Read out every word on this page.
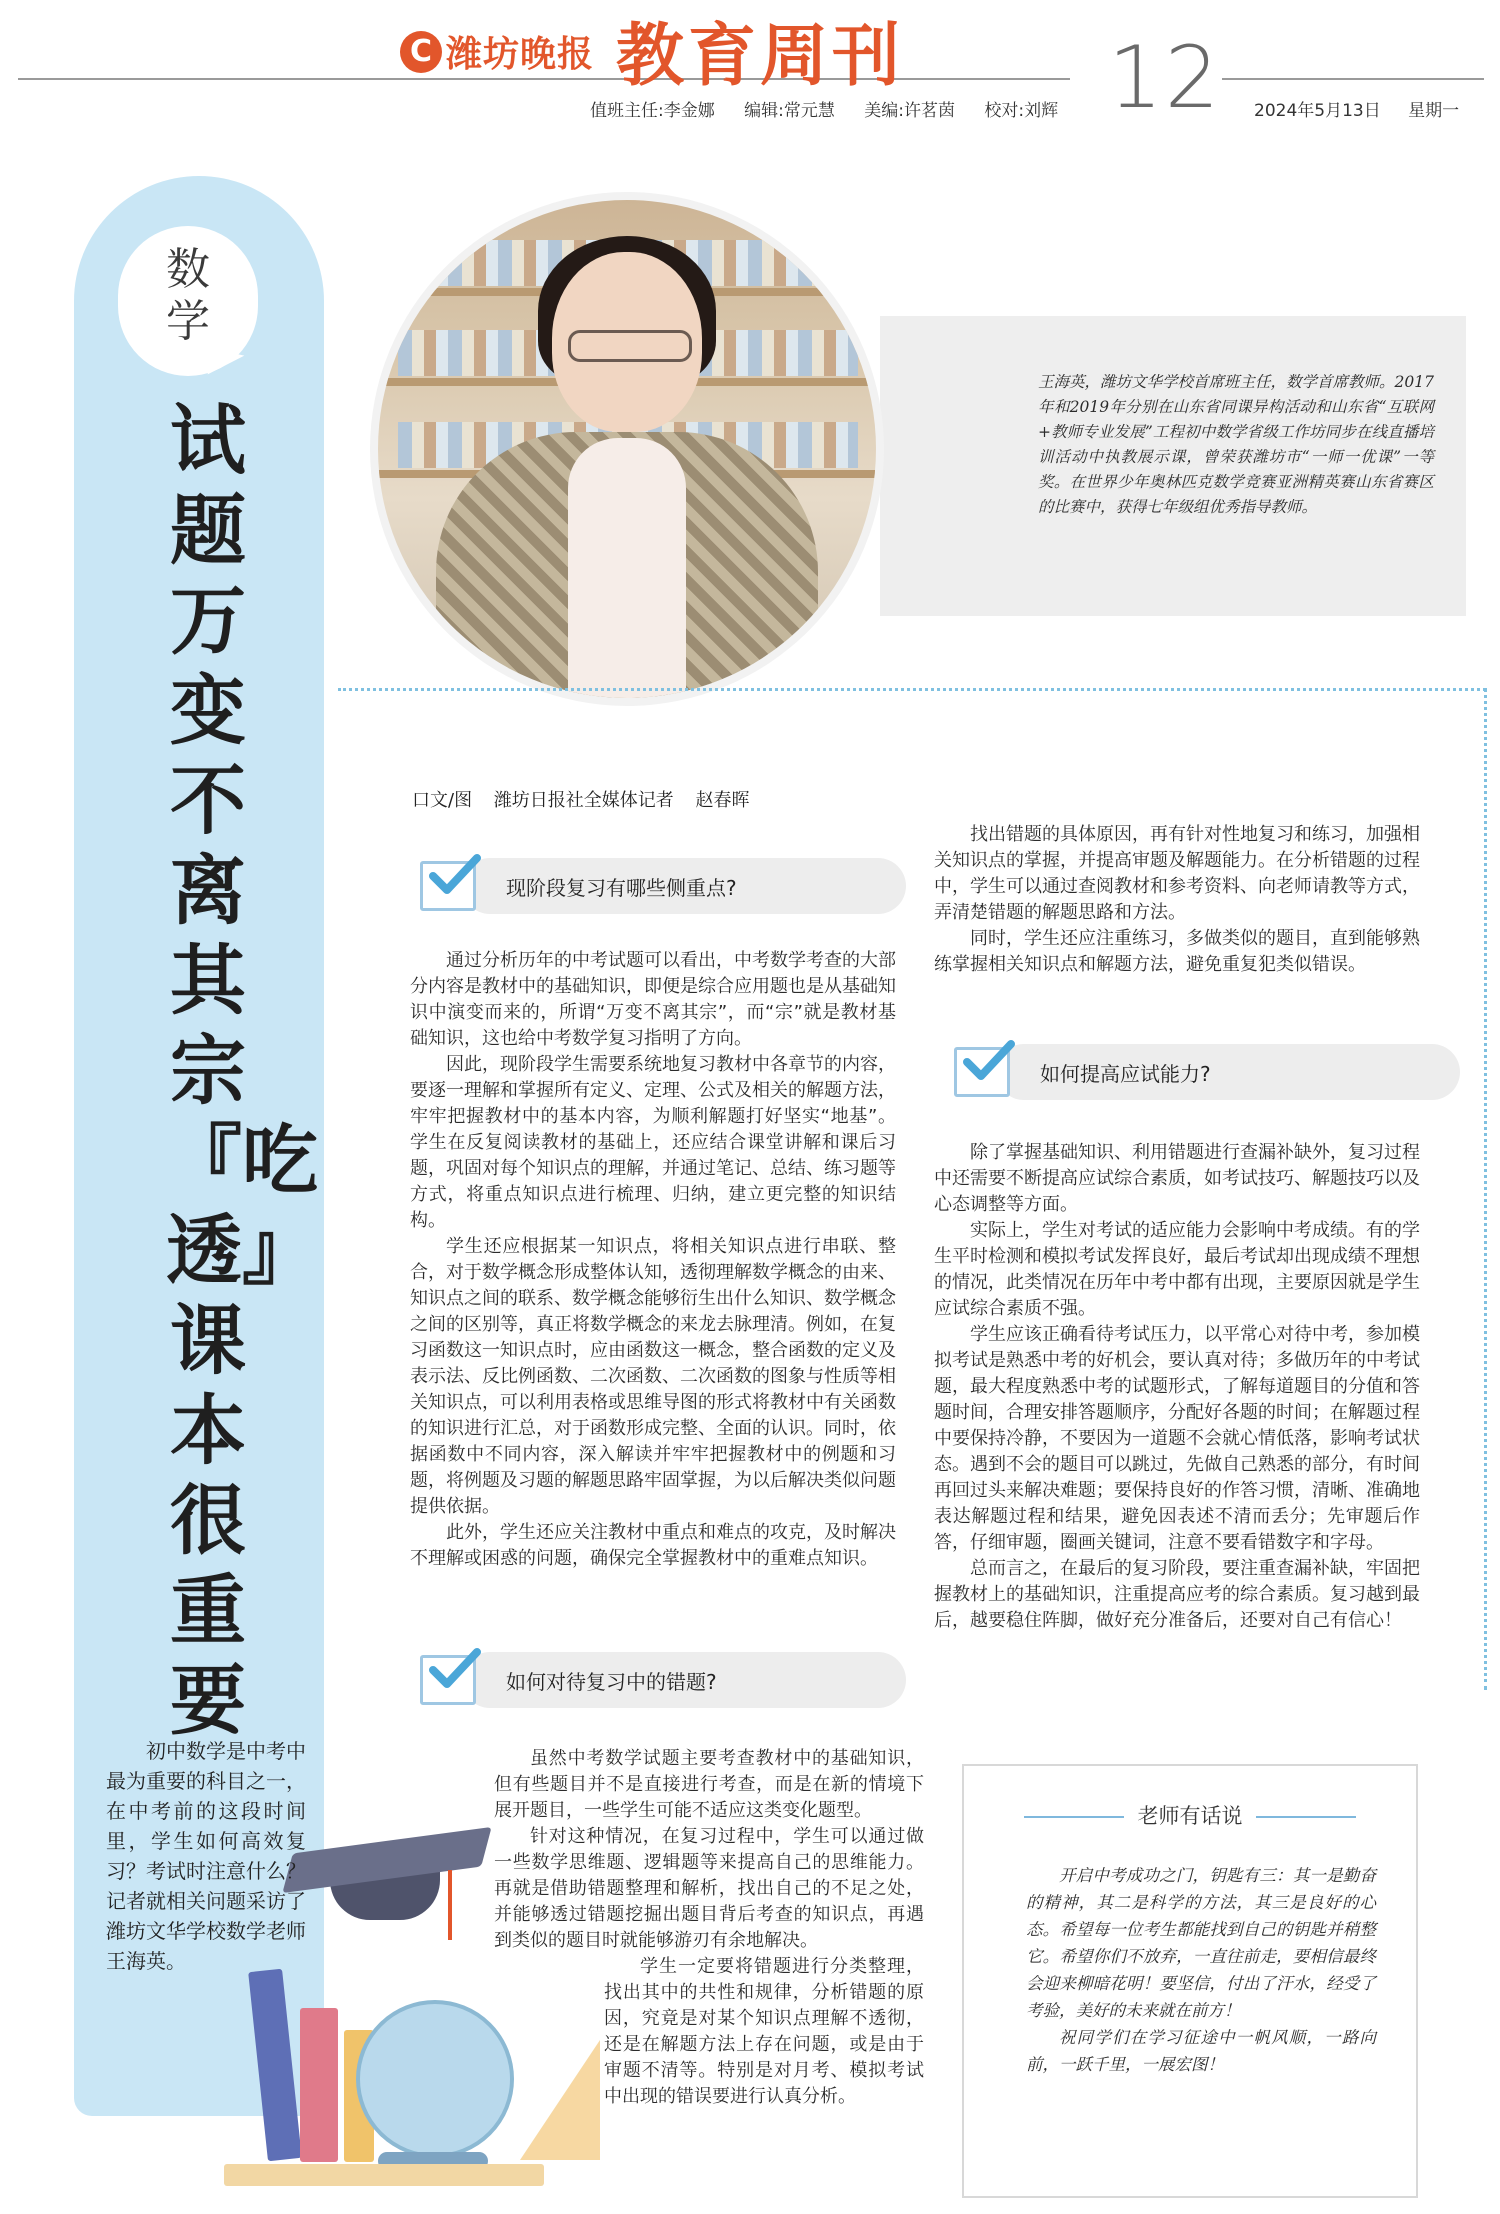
C 潍坊晚报 教育周刊 12
值班主任:李金娜 编辑:常元慧 美编:许茗茵 校对:刘辉	2024年5月13日 星期一
数学
试题万变不离其宗『吃透』课本很重要
初中数学是中考中最为重要的科目之一，在中考前的这段时间里，学生如何高效复习？考试时注意什么？记者就相关问题采访了潍坊文华学校数学老师王海英。
王海英，潍坊文华学校首席班主任，数学首席教师。2017年和2019年分别在山东省同课异构活动和山东省“互联网+教师专业发展”工程初中数学省级工作坊同步在线直播培训活动中执教展示课，曾荣获潍坊市“一师一优课”一等奖。在世界少年奥林匹克数学竞赛亚洲精英赛山东省赛区的比赛中，获得七年级组优秀指导教师。
口文/图 潍坊日报社全媒体记者 赵春晖
现阶段复习有哪些侧重点?

通过分析历年的中考试题可以看出，中考数学考查的大部分内容是教材中的基础知识，即便是综合应用题也是从基础知识中演变而来的，所谓“万变不离其宗”，而“宗”就是教材基础知识，这也给中考数学复习指明了方向。

因此，现阶段学生需要系统地复习教材中各章节的内容，要逐一理解和掌握所有定义、定理、公式及相关的解题方法，牢牢把握教材中的基本内容，为顺利解题打好坚实“地基”。学生在反复阅读教材的基础上，还应结合课堂讲解和课后习题，巩固对每个知识点的理解，并通过笔记、总结、练习题等方式，将重点知识点进行梳理、归纳，建立更完整的知识结构。

学生还应根据某一知识点，将相关知识点进行串联、整合，对于数学概念形成整体认知，透彻理解数学概念的由来、知识点之间的联系、数学概念能够衍生出什么知识、数学概念之间的区别等，真正将数学概念的来龙去脉理清。例如，在复习函数这一知识点时，应由函数这一概念，整合函数的定义及表示法、反比例函数、二次函数、二次函数的图象与性质等相关知识点，可以利用表格或思维导图的形式将教材中有关函数的知识进行汇总，对于函数形成完整、全面的认识。同时，依据函数中不同内容，深入解读并牢牢把握教材中的例题和习题，将例题及习题的解题思路牢固掌握，为以后解决类似问题提供依据。

此外，学生还应关注教材中重点和难点的攻克，及时解决不理解或困惑的问题，确保完全掌握教材中的重难点知识。

如何对待复习中的错题?

虽然中考数学试题主要考查教材中的基础知识，但有些题目并不是直接进行考查，而是在新的情境下展开题目，一些学生可能不适应这类变化题型。

针对这种情况，在复习过程中，学生可以通过做一些数学思维题、逻辑题等来提高自己的思维能力。再就是借助错题整理和解析，找出自己的不足之处，并能够透过错题挖掘出题目背后考查的知识点，再遇到类似的题目时就能够游刃有余地解决。

学生一定要将错题进行分类整理，找出其中的共性和规律，分析错题的原因，究竟是对某个知识点理解不透彻，还是在解题方法上存在问题，或是由于审题不清等。特别是对月考、模拟考试中出现的错误要进行认真分析。

找出错题的具体原因，再有针对性地复习和练习，加强相关知识点的掌握，并提高审题及解题能力。在分析错题的过程中，学生可以通过查阅教材和参考资料、向老师请教等方式，弄清楚错题的解题思路和方法。

同时，学生还应注重练习，多做类似的题目，直到能够熟练掌握相关知识点和解题方法，避免重复犯类似错误。

如何提高应试能力?

除了掌握基础知识、利用错题进行查漏补缺外，复习过程中还需要不断提高应试综合素质，如考试技巧、解题技巧以及心态调整等方面。

实际上，学生对考试的适应能力会影响中考成绩。有的学生平时检测和模拟考试发挥良好，最后考试却出现成绩不理想的情况，此类情况在历年中考中都有出现，主要原因就是学生应试综合素质不强。

学生应该正确看待考试压力，以平常心对待中考，参加模拟考试是熟悉中考的好机会，要认真对待；多做历年的中考试题，最大程度熟悉中考的试题形式，了解每道题目的分值和答题时间，合理安排答题顺序，分配好各题的时间；在解题过程中要保持冷静，不要因为一道题不会就心情低落，影响考试状态。遇到不会的题目可以跳过，先做自己熟悉的部分，有时间再回过头来解决难题；要保持良好的作答习惯，清晰、准确地表达解题过程和结果，避免因表述不清而丢分；先审题后作答，仔细审题，圈画关键词，注意不要看错数字和字母。

总而言之，在最后的复习阶段，要注重查漏补缺，牢固把握教材上的基础知识，注重提高应考的综合素质。复习越到最后，越要稳住阵脚，做好充分准备后，还要对自己有信心！

老师有话说

开启中考成功之门，钥匙有三：其一是勤奋的精神，其二是科学的方法，其三是良好的心态。希望每一位考生都能找到自己的钥匙并稍整它。希望你们不放弃，一直往前走，要相信最终会迎来柳暗花明！要坚信，付出了汗水，经受了考验，美好的未来就在前方！

祝同学们在学习征途中一帆风顺，一路向前，一跃千里，一展宏图！
